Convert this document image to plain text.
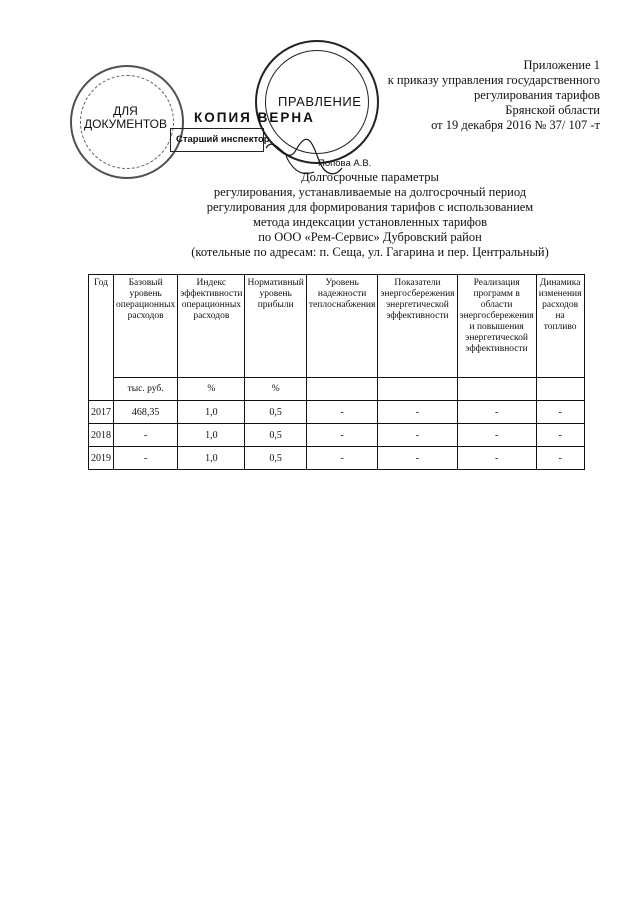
ДЛЯ
ДОКУМЕНТОВ
ПРАВЛЕНИЕ
КОПИЯ ВЕРНА
Старший инспектор
Попова А.В.
Приложение 1
к приказу управления государственного
регулирования тарифов
Брянской области
от 19 декабря 2016 № 37/ 107 -т
Долгосрочные параметры
регулирования, устанавливаемые на долгосрочный период
регулирования для формирования тарифов с использованием
метода индексации установленных тарифов
по ООО «Рем-Сервис» Дубровский район
(котельные по адресам: п. Сеща, ул. Гагарина и пер. Центральный)
Год	Базовый уровень операционных расходов	Индекс эффективности операционных расходов	Нормативный уровень прибыли	Уровень надежности теплоснабжения	Показатели энергосбережения энергетической эффективности	Реализация программ в области энергосбережения и повышения энергетической эффективности	Динамика изменения расходов на топливо
	тыс. руб.	%	%				
2017	468,35	1,0	0,5	-	-	-	-
2018	-	1,0	0,5	-	-	-	-
2019	-	1,0	0,5	-	-	-	-
